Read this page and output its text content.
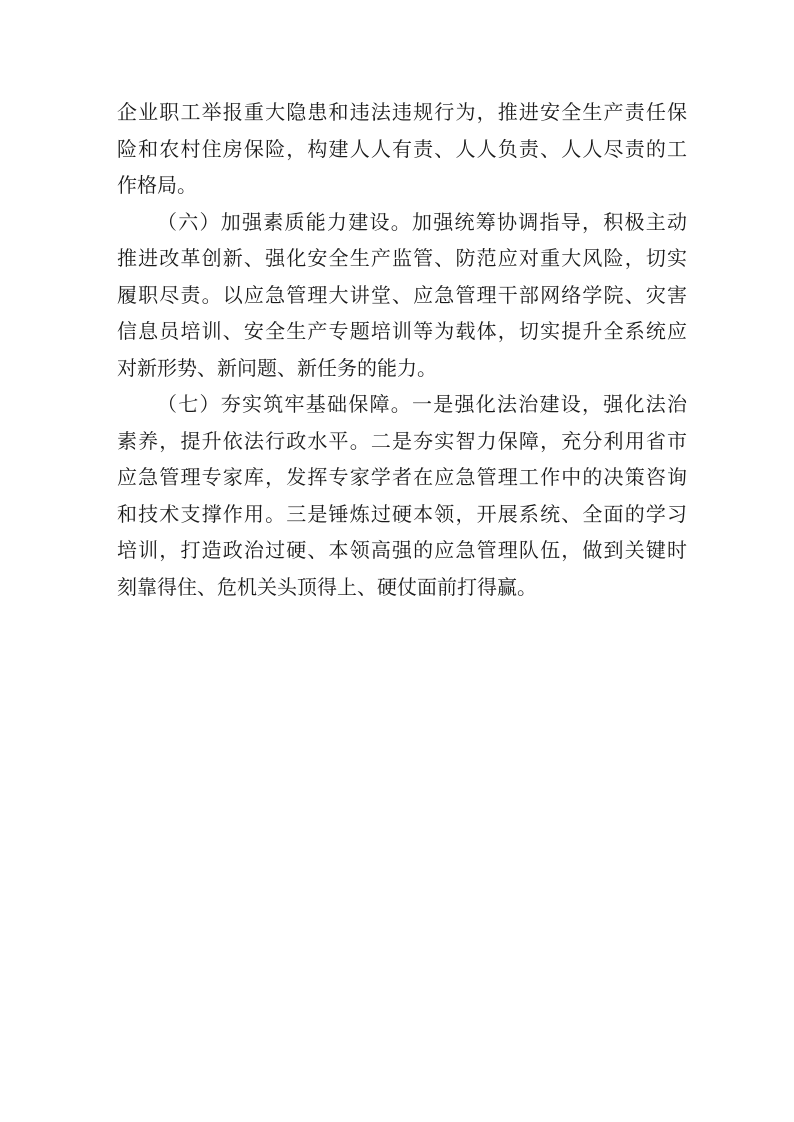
企业职工举报重大隐患和违法违规行为，推进安全生产责任保
险和农村住房保险，构建人人有责、人人负责、人人尽责的工
作格局。
（六）加强素质能力建设。加强统筹协调指导，积极主动
推进改革创新、强化安全生产监管、防范应对重大风险，切实
履职尽责。以应急管理大讲堂、应急管理干部网络学院、灾害
信息员培训、安全生产专题培训等为载体，切实提升全系统应
对新形势、新问题、新任务的能力。
（七）夯实筑牢基础保障。一是强化法治建设，强化法治
素养，提升依法行政水平。二是夯实智力保障，充分利用省市
应急管理专家库，发挥专家学者在应急管理工作中的决策咨询
和技术支撑作用。三是锤炼过硬本领，开展系统、全面的学习
培训，打造政治过硬、本领高强的应急管理队伍，做到关键时
刻靠得住、危机关头顶得上、硬仗面前打得赢。
